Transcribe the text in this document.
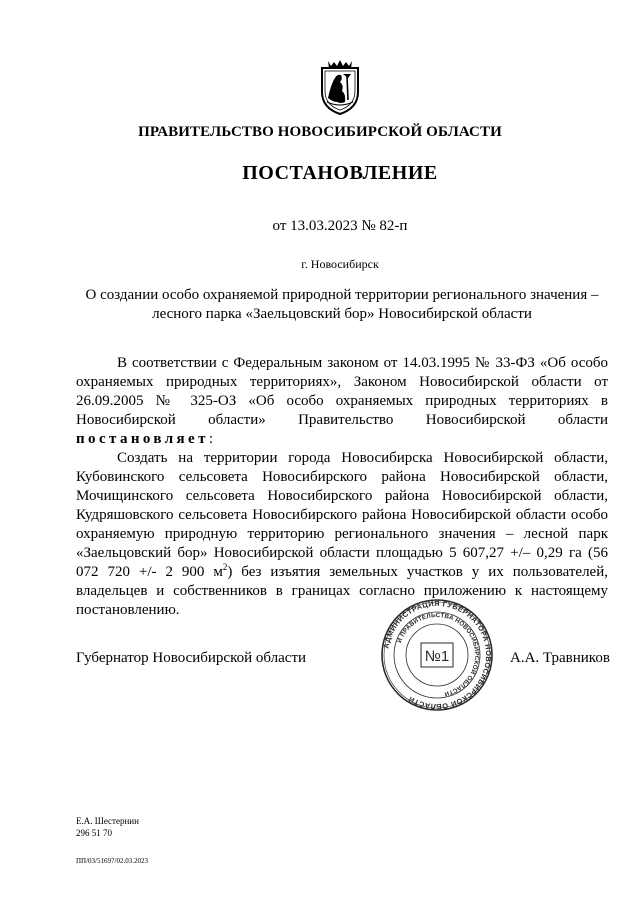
ПРАВИТЕЛЬСТВО НОВОСИБИРСКОЙ ОБЛАСТИ
ПОСТАНОВЛЕНИЕ
от 13.03.2023 № 82-п
г. Новосибирск
О создании особо охраняемой природной территории регионального значения –
лесного парка «Заельцовский бор» Новосибирской области

В соответствии с Федеральным законом от 14.03.1995 № 33-ФЗ «Об особо охраняемых природных территориях», Законом Новосибирской области от 26.09.2005 № 325-ОЗ «Об особо охраняемых природных территориях в Новосибирской области» Правительство Новосибирской области постановляет:

Создать на территории города Новосибирска Новосибирской области, Кубовинского сельсовета Новосибирского района Новосибирской области, Мочищинского сельсовета Новосибирского района Новосибирской области, Кудряшовского сельсовета Новосибирского района Новосибирской области особо охраняемую природную территорию регионального значения – лесной парк «Заельцовский бор» Новосибирской области площадью 5 607,27 +/– 0,29 га (56 072 720 +/- 2 900 $м^2$) без изъятия земельных участков у их пользователей, владельцев и собственников в границах согласно приложению к настоящему постановлению.

Губернатор Новосибирской области	А.А. Травников
АДМИНИСТРАЦИЯ ГУБЕРНАТОРА НОВОСИБИРСКОЙ ОБЛАСТИ
И ПРАВИТЕЛЬСТВА НОВОСИБИРСКОЙ ОБЛАСТИ
№1
Е.А. Шестернин
296 51 70
ПП/03/51697/02.03.2023
